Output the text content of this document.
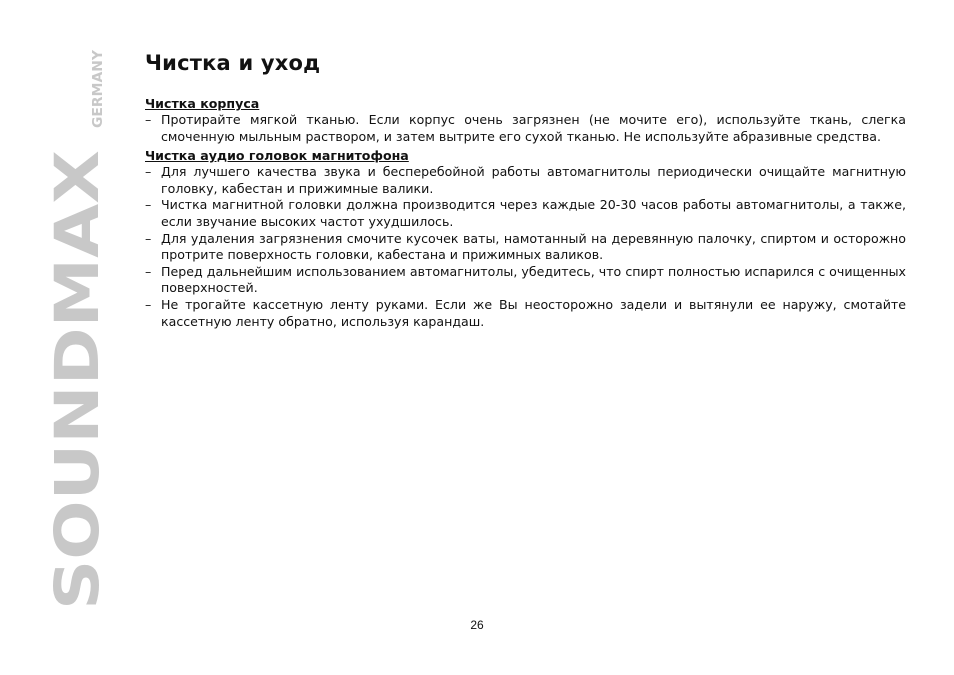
SOUNDMAX
GERMANY Чистка и уход
Чистка корпуса
– Протирайте мягкой тканью. Если корпус очень загрязнен (не мочите его), используйте ткань, слегка смоченную мыльным раствором, и затем вытрите его сухой тканью. Не используйте абразивные средства.
Чистка аудио головок магнитофона
– Для лучшего качества звука и бесперебойной работы автомагнитолы периодически очищайте магнитную головку, кабестан и прижимные валики.
– Чистка магнитной головки должна производится через каждые 20-30 часов работы автомагнитолы, а также, если звучание высоких частот ухудшилось.
– Для удаления загрязнения смочите кусочек ваты, намотанный на деревянную палочку, спиртом и осторожно протрите поверхность головки, кабестана и прижимных валиков.
– Перед дальнейшим использованием автомагнитолы, убедитесь, что спирт полностью испарился с очищенных поверхностей.
– Не трогайте кассетную ленту руками. Если же Вы неосторожно задели и вытянули ее наружу, смотайте кассетную ленту обратно, используя карандаш.
26
